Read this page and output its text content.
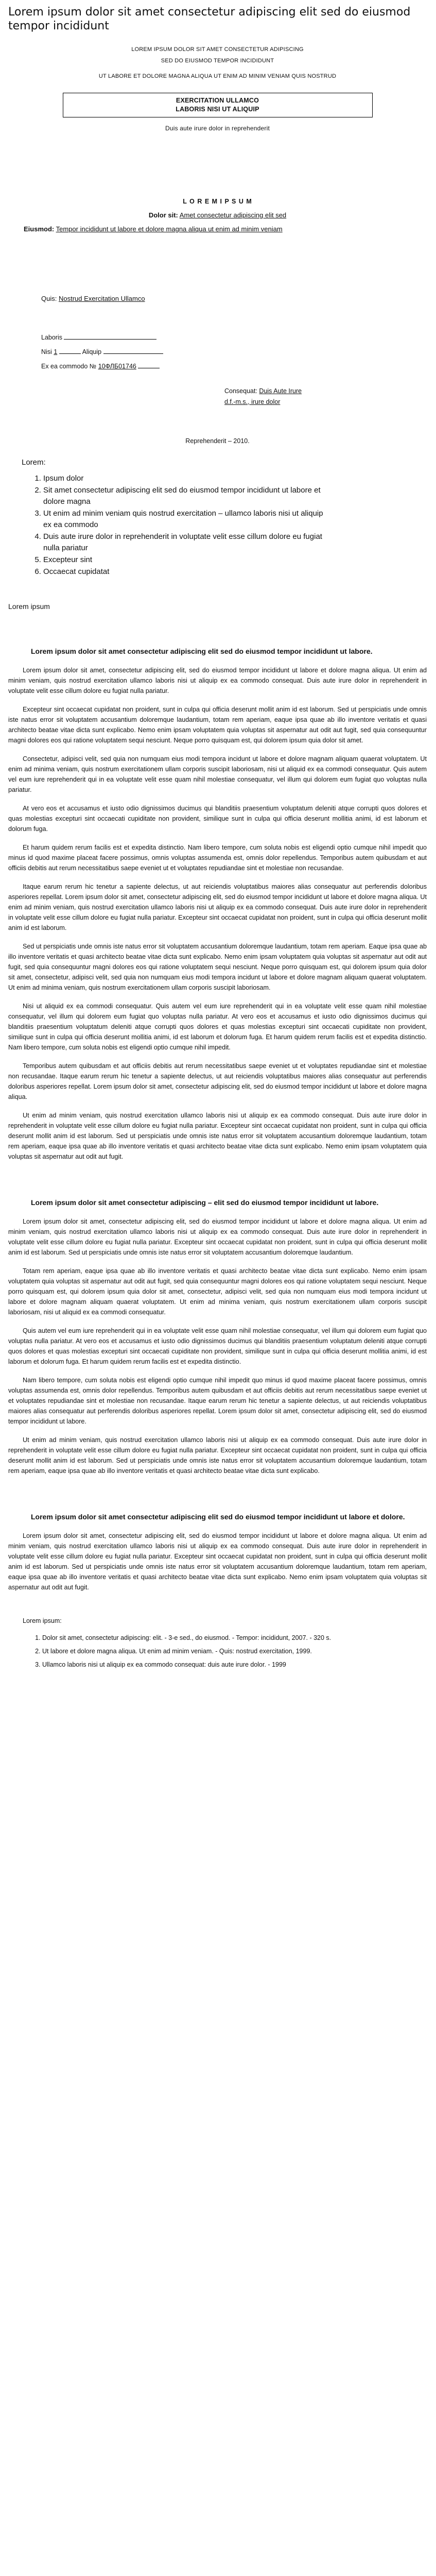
Lorem ipsum dolor sit amet consectetur adipiscing elit sed do eiusmod tempor incididunt
LOREM IPSUM DOLOR SIT AMET CONSECTETUR ADIPISCING
SED DO EIUSMOD TEMPOR INCIDIDUNT
UT LABORE ET DOLORE MAGNA ALIQUA UT ENIM AD MINIM VENIAM QUIS NOSTRUD
EXERCITATION ULLAMCO
LABORIS NISI UT ALIQUIP
Duis aute irure dolor in reprehenderit
L O R E M I P S U M
Dolor sit: Amet consectetur adipiscing elit sed
Eiusmod: Tempor incididunt ut labore et dolore magna aliqua ut enim ad minim veniam
Quis: Nostrud Exercitation Ullamco
Laboris
Nisi 1	Aliquip
Ex ea commodo № 10ФЛБ01746
Consequat: Duis Aute Irure
d.f.-m.s., irure dolor
Reprehenderit – 2010.
Lorem:
1. Ipsum dolor
2. Sit amet consectetur adipiscing elit sed do eiusmod tempor incididunt ut labore et dolore magna
3. Ut enim ad minim veniam quis nostrud exercitation – ullamco laboris nisi ut aliquip ex ea commodo
4. Duis aute irure dolor in reprehenderit in voluptate velit esse cillum dolore eu fugiat nulla pariatur
5. Excepteur sint
6. Occaecat cupidatat
Lorem ipsum
Lorem ipsum dolor sit amet consectetur adipiscing elit sed do eiusmod tempor incididunt ut labore.

Lorem ipsum dolor sit amet, consectetur adipiscing elit, sed do eiusmod tempor incididunt ut labore et dolore magna aliqua. Ut enim ad minim veniam, quis nostrud exercitation ullamco laboris nisi ut aliquip ex ea commodo consequat. Duis aute irure dolor in reprehenderit in voluptate velit esse cillum dolore eu fugiat nulla pariatur.

Excepteur sint occaecat cupidatat non proident, sunt in culpa qui officia deserunt mollit anim id est laborum. Sed ut perspiciatis unde omnis iste natus error sit voluptatem accusantium doloremque laudantium, totam rem aperiam, eaque ipsa quae ab illo inventore veritatis et quasi architecto beatae vitae dicta sunt explicabo. Nemo enim ipsam voluptatem quia voluptas sit aspernatur aut odit aut fugit, sed quia consequuntur magni dolores eos qui ratione voluptatem sequi nesciunt. Neque porro quisquam est, qui dolorem ipsum quia dolor sit amet.

Consectetur, adipisci velit, sed quia non numquam eius modi tempora incidunt ut labore et dolore magnam aliquam quaerat voluptatem. Ut enim ad minima veniam, quis nostrum exercitationem ullam corporis suscipit laboriosam, nisi ut aliquid ex ea commodi consequatur. Quis autem vel eum iure reprehenderit qui in ea voluptate velit esse quam nihil molestiae consequatur, vel illum qui dolorem eum fugiat quo voluptas nulla pariatur.

At vero eos et accusamus et iusto odio dignissimos ducimus qui blanditiis praesentium voluptatum deleniti atque corrupti quos dolores et quas molestias excepturi sint occaecati cupiditate non provident, similique sunt in culpa qui officia deserunt mollitia animi, id est laborum et dolorum fuga.

Et harum quidem rerum facilis est et expedita distinctio. Nam libero tempore, cum soluta nobis est eligendi optio cumque nihil impedit quo minus id quod maxime placeat facere possimus, omnis voluptas assumenda est, omnis dolor repellendus. Temporibus autem quibusdam et aut officiis debitis aut rerum necessitatibus saepe eveniet ut et voluptates repudiandae sint et molestiae non recusandae.

Itaque earum rerum hic tenetur a sapiente delectus, ut aut reiciendis voluptatibus maiores alias consequatur aut perferendis doloribus asperiores repellat. Lorem ipsum dolor sit amet, consectetur adipiscing elit, sed do eiusmod tempor incididunt ut labore et dolore magna aliqua. Ut enim ad minim veniam, quis nostrud exercitation ullamco laboris nisi ut aliquip ex ea commodo consequat. Duis aute irure dolor in reprehenderit in voluptate velit esse cillum dolore eu fugiat nulla pariatur. Excepteur sint occaecat cupidatat non proident, sunt in culpa qui officia deserunt mollit anim id est laborum.

Sed ut perspiciatis unde omnis iste natus error sit voluptatem accusantium doloremque laudantium, totam rem aperiam. Eaque ipsa quae ab illo inventore veritatis et quasi architecto beatae vitae dicta sunt explicabo. Nemo enim ipsam voluptatem quia voluptas sit aspernatur aut odit aut fugit, sed quia consequuntur magni dolores eos qui ratione voluptatem sequi nesciunt. Neque porro quisquam est, qui dolorem ipsum quia dolor sit amet, consectetur, adipisci velit, sed quia non numquam eius modi tempora incidunt ut labore et dolore magnam aliquam quaerat voluptatem. Ut enim ad minima veniam, quis nostrum exercitationem ullam corporis suscipit laboriosam.

Nisi ut aliquid ex ea commodi consequatur. Quis autem vel eum iure reprehenderit qui in ea voluptate velit esse quam nihil molestiae consequatur, vel illum qui dolorem eum fugiat quo voluptas nulla pariatur. At vero eos et accusamus et iusto odio dignissimos ducimus qui blanditiis praesentium voluptatum deleniti atque corrupti quos dolores et quas molestias excepturi sint occaecati cupiditate non provident, similique sunt in culpa qui officia deserunt mollitia animi, id est laborum et dolorum fuga. Et harum quidem rerum facilis est et expedita distinctio. Nam libero tempore, cum soluta nobis est eligendi optio cumque nihil impedit.

Temporibus autem quibusdam et aut officiis debitis aut rerum necessitatibus saepe eveniet ut et voluptates repudiandae sint et molestiae non recusandae. Itaque earum rerum hic tenetur a sapiente delectus, ut aut reiciendis voluptatibus maiores alias consequatur aut perferendis doloribus asperiores repellat. Lorem ipsum dolor sit amet, consectetur adipiscing elit, sed do eiusmod tempor incididunt ut labore et dolore magna aliqua.

Ut enim ad minim veniam, quis nostrud exercitation ullamco laboris nisi ut aliquip ex ea commodo consequat. Duis aute irure dolor in reprehenderit in voluptate velit esse cillum dolore eu fugiat nulla pariatur. Excepteur sint occaecat cupidatat non proident, sunt in culpa qui officia deserunt mollit anim id est laborum. Sed ut perspiciatis unde omnis iste natus error sit voluptatem accusantium doloremque laudantium, totam rem aperiam, eaque ipsa quae ab illo inventore veritatis et quasi architecto beatae vitae dicta sunt explicabo. Nemo enim ipsam voluptatem quia voluptas sit aspernatur aut odit aut fugit.

Lorem ipsum dolor sit amet consectetur adipiscing – elit sed do eiusmod tempor incididunt ut labore.

Lorem ipsum dolor sit amet, consectetur adipiscing elit, sed do eiusmod tempor incididunt ut labore et dolore magna aliqua. Ut enim ad minim veniam, quis nostrud exercitation ullamco laboris nisi ut aliquip ex ea commodo consequat. Duis aute irure dolor in reprehenderit in voluptate velit esse cillum dolore eu fugiat nulla pariatur. Excepteur sint occaecat cupidatat non proident, sunt in culpa qui officia deserunt mollit anim id est laborum. Sed ut perspiciatis unde omnis iste natus error sit voluptatem accusantium doloremque laudantium.

Totam rem aperiam, eaque ipsa quae ab illo inventore veritatis et quasi architecto beatae vitae dicta sunt explicabo. Nemo enim ipsam voluptatem quia voluptas sit aspernatur aut odit aut fugit, sed quia consequuntur magni dolores eos qui ratione voluptatem sequi nesciunt. Neque porro quisquam est, qui dolorem ipsum quia dolor sit amet, consectetur, adipisci velit, sed quia non numquam eius modi tempora incidunt ut labore et dolore magnam aliquam quaerat voluptatem. Ut enim ad minima veniam, quis nostrum exercitationem ullam corporis suscipit laboriosam, nisi ut aliquid ex ea commodi consequatur.

Quis autem vel eum iure reprehenderit qui in ea voluptate velit esse quam nihil molestiae consequatur, vel illum qui dolorem eum fugiat quo voluptas nulla pariatur. At vero eos et accusamus et iusto odio dignissimos ducimus qui blanditiis praesentium voluptatum deleniti atque corrupti quos dolores et quas molestias excepturi sint occaecati cupiditate non provident, similique sunt in culpa qui officia deserunt mollitia animi, id est laborum et dolorum fuga. Et harum quidem rerum facilis est et expedita distinctio.

Nam libero tempore, cum soluta nobis est eligendi optio cumque nihil impedit quo minus id quod maxime placeat facere possimus, omnis voluptas assumenda est, omnis dolor repellendus. Temporibus autem quibusdam et aut officiis debitis aut rerum necessitatibus saepe eveniet ut et voluptates repudiandae sint et molestiae non recusandae. Itaque earum rerum hic tenetur a sapiente delectus, ut aut reiciendis voluptatibus maiores alias consequatur aut perferendis doloribus asperiores repellat. Lorem ipsum dolor sit amet, consectetur adipiscing elit, sed do eiusmod tempor incididunt ut labore.

Ut enim ad minim veniam, quis nostrud exercitation ullamco laboris nisi ut aliquip ex ea commodo consequat. Duis aute irure dolor in reprehenderit in voluptate velit esse cillum dolore eu fugiat nulla pariatur. Excepteur sint occaecat cupidatat non proident, sunt in culpa qui officia deserunt mollit anim id est laborum. Sed ut perspiciatis unde omnis iste natus error sit voluptatem accusantium doloremque laudantium, totam rem aperiam, eaque ipsa quae ab illo inventore veritatis et quasi architecto beatae vitae dicta sunt explicabo.

Lorem ipsum dolor sit amet consectetur adipiscing elit sed do eiusmod tempor incididunt ut labore et dolore.

Lorem ipsum dolor sit amet, consectetur adipiscing elit, sed do eiusmod tempor incididunt ut labore et dolore magna aliqua. Ut enim ad minim veniam, quis nostrud exercitation ullamco laboris nisi ut aliquip ex ea commodo consequat. Duis aute irure dolor in reprehenderit in voluptate velit esse cillum dolore eu fugiat nulla pariatur. Excepteur sint occaecat cupidatat non proident, sunt in culpa qui officia deserunt mollit anim id est laborum. Sed ut perspiciatis unde omnis iste natus error sit voluptatem accusantium doloremque laudantium, totam rem aperiam, eaque ipsa quae ab illo inventore veritatis et quasi architecto beatae vitae dicta sunt explicabo. Nemo enim ipsam voluptatem quia voluptas sit aspernatur aut odit aut fugit.

Lorem ipsum:
1. Dolor sit amet, consectetur adipiscing: elit. - 3-e sed., do eiusmod. - Tempor: incididunt, 2007. - 320 s.
2. Ut labore et dolore magna aliqua. Ut enim ad minim veniam. - Quis: nostrud exercitation, 1999.
3. Ullamco laboris nisi ut aliquip ex ea commodo consequat: duis aute irure dolor. - 1999
